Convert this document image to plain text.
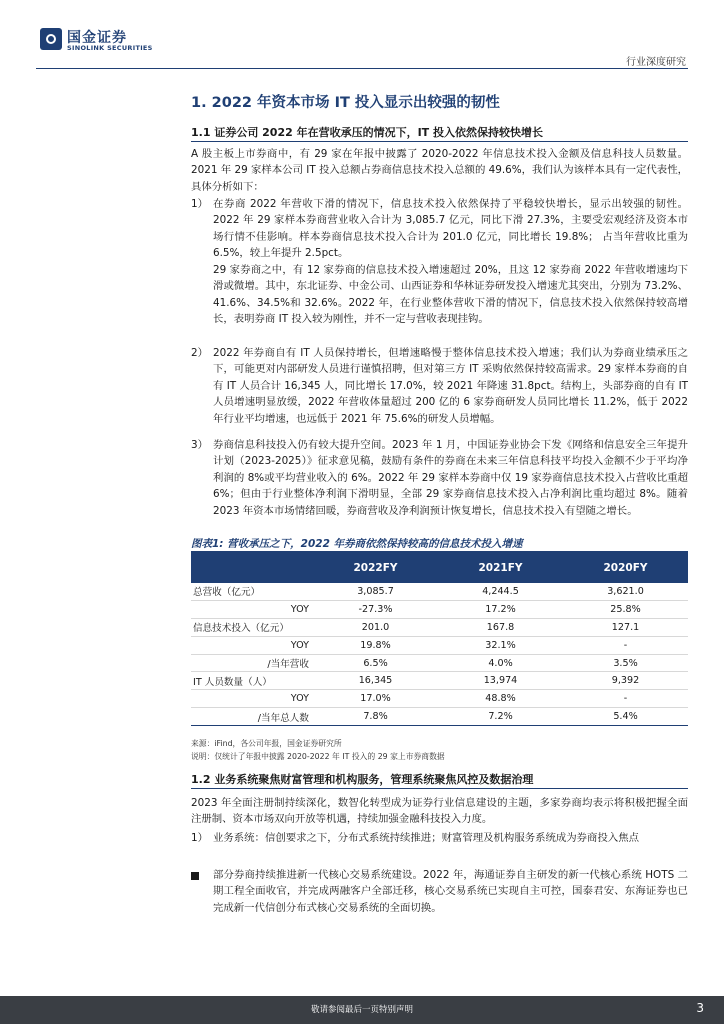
国金证券
SINOLINK SECURITIES
行业深度研究
1. 2022 年资本市场 IT 投入显示出较强的韧性
1.1 证券公司 2022 年在营收承压的情况下，IT 投入依然保持较快增长
A 股主板上市券商中，有 29 家在年报中披露了 2020-2022 年信息技术投入金额及信息科技人员数量。2021 年 29 家样本公司 IT 投入总额占券商信息技术投入总额的 49.6%，我们认为该样本具有一定代表性，具体分析如下：
1） 在券商 2022 年营收下滑的情况下，信息技术投入依然保持了平稳较快增长，显示出较强的韧性。2022 年 29 家样本券商营业收入合计为 3,085.7 亿元，同比下滑 27.3%，主要受宏观经济及资本市场行情不佳影响。样本券商信息技术投入合计为 201.0 亿元，同比增长 19.8%； 占当年营收比重为 6.5%，较上年提升 2.5pct。
29 家券商之中，有 12 家券商的信息技术投入增速超过 20%，且这 12 家券商 2022 年营收增速均下滑或微增。其中，东北证券、中金公司、山西证券和华林证券研发投入增速尤其突出，分别为 73.2%、41.6%、34.5%和 32.6%。2022 年，在行业整体营收下滑的情况下，信息技术投入依然保持较高增长，表明券商 IT 投入较为刚性，并不一定与营收表现挂钩。
2） 2022 年券商自有 IT 人员保持增长，但增速略慢于整体信息技术投入增速；我们认为券商业绩承压之下，可能更对内部研发人员进行谨慎招聘，但对第三方 IT 采购依然保持较高需求。29 家样本券商的自有 IT 人员合计 16,345 人，同比增长 17.0%，较 2021 年降速 31.8pct。结构上，头部券商的自有 IT 人员增速明显放缓，2022 年营收体量超过 200 亿的 6 家券商研发人员同比增长 11.2%，低于 2022 年行业平均增速，也远低于 2021 年 75.6%的研发人员增幅。
3） 券商信息科技投入仍有较大提升空间。2023 年 1 月，中国证券业协会下发《网络和信息安全三年提升计划（2023-2025）》征求意见稿，鼓励有条件的券商在未来三年信息科技平均投入金额不少于平均净利润的 8%或平均营业收入的 6%。2022 年 29 家样本券商中仅 19 家券商信息技术投入占营收比重超 6%；但由于行业整体净利润下滑明显，全部 29 家券商信息技术投入占净利润比重均超过 8%。随着 2023 年资本市场情绪回暖，券商营收及净利润预计恢复增长，信息技术投入有望随之增长。
图表1: 营收承压之下，2022 年券商依然保持较高的信息技术投入增速
	2022FY	2021FY	2020FY
总营收（亿元）	3,085.7	4,244.5	3,621.0
YOY	-27.3%	17.2%	25.8%
信息技术投入（亿元）	201.0	167.8	127.1
YOY	19.8%	32.1%	-
/当年营收	6.5%	4.0%	3.5%
IT 人员数量（人）	16,345	13,974	9,392
YOY	17.0%	48.8%	-
/当年总人数	7.8%	7.2%	5.4%
来源：iFind，各公司年报，国金证券研究所
说明：仅统计了年报中披露 2020-2022 年 IT 投入的 29 家上市券商数据
1.2 业务系统聚焦财富管理和机构服务，管理系统聚焦风控及数据治理
2023 年全面注册制持续深化，数智化转型成为证券行业信息建设的主题，多家券商均表示将积极把握全面注册制、资本市场双向开放等机遇，持续加强金融科技投入力度。
1） 业务系统：信创要求之下，分布式系统持续推进；财富管理及机构服务系统成为券商投入焦点
部分券商持续推进新一代核心交易系统建设。2022 年，海通证券自主研发的新一代核心系统 HOTS 二期工程全面收官，并完成两融客户全部迁移，核心交易系统已实现自主可控，国泰君安、东海证券也已完成新一代信创分布式核心交易系统的全面切换。
敬请参阅最后一页特别声明	3
